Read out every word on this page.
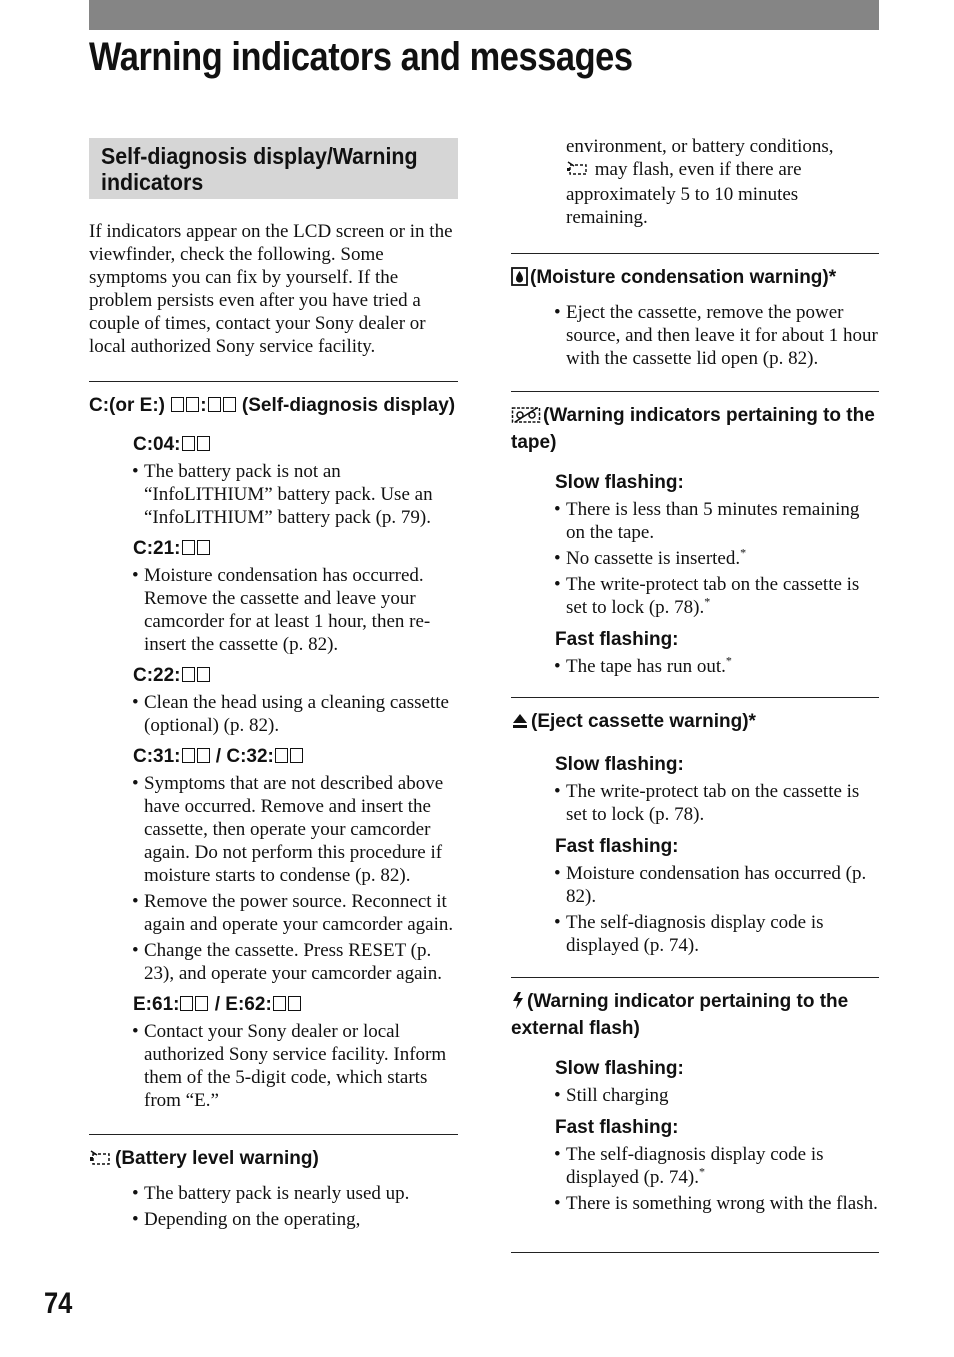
Warning indicators and messages
Self-diagnosis display/Warning indicators

If indicators appear on the LCD screen or in the viewfinder, check the following. Some symptoms you can fix by yourself. If the problem persists even after you have tried a couple of times, contact your Sony dealer or local authorized Sony service facility.

C:(or E:) : (Self-diagnosis display)

C:04:

• The battery pack is not an “InfoLITHIUM” battery pack. Use an “InfoLITHIUM” battery pack (p. 79).

C:21:

• Moisture condensation has occurred. Remove the cassette and leave your camcorder for at least 1 hour, then re-insert the cassette (p. 82).

C:22:

• Clean the head using a cleaning cassette (optional) (p. 82).

C:31: / C:32:

• Symptoms that are not described above have occurred. Remove and insert the cassette, then operate your camcorder again. Do not perform this procedure if moisture starts to condense (p. 82).
• Remove the power source. Reconnect it again and operate your camcorder again.
• Change the cassette. Press RESET (p. 23), and operate your camcorder again.

E:61: / E:62:

• Contact your Sony dealer or local authorized Sony service facility. Inform them of the 5-digit code, which starts from “E.”

(Battery level warning)

• The battery pack is nearly used up.
• Depending on the operating,

environment, or battery conditions,
may flash, even if there are approximately 5 to 10 minutes remaining.

(Moisture condensation warning)*

• Eject the cassette, remove the power source, and then leave it for about 1 hour with the cassette lid open (p. 82).

(Warning indicators pertaining to the tape)

Slow flashing:

• There is less than 5 minutes remaining on the tape.
• No cassette is inserted.*
• The write-protect tab on the cassette is set to lock (p. 78).*

Fast flashing:

• The tape has run out.*

(Eject cassette warning)*

Slow flashing:

• The write-protect tab on the cassette is set to lock (p. 78).

Fast flashing:

• Moisture condensation has occurred (p. 82).
• The self-diagnosis display code is displayed (p. 74).

(Warning indicator pertaining to the external flash)

Slow flashing:

• Still charging

Fast flashing:

• The self-diagnosis display code is displayed (p. 74).*
• There is something wrong with the flash.
74
